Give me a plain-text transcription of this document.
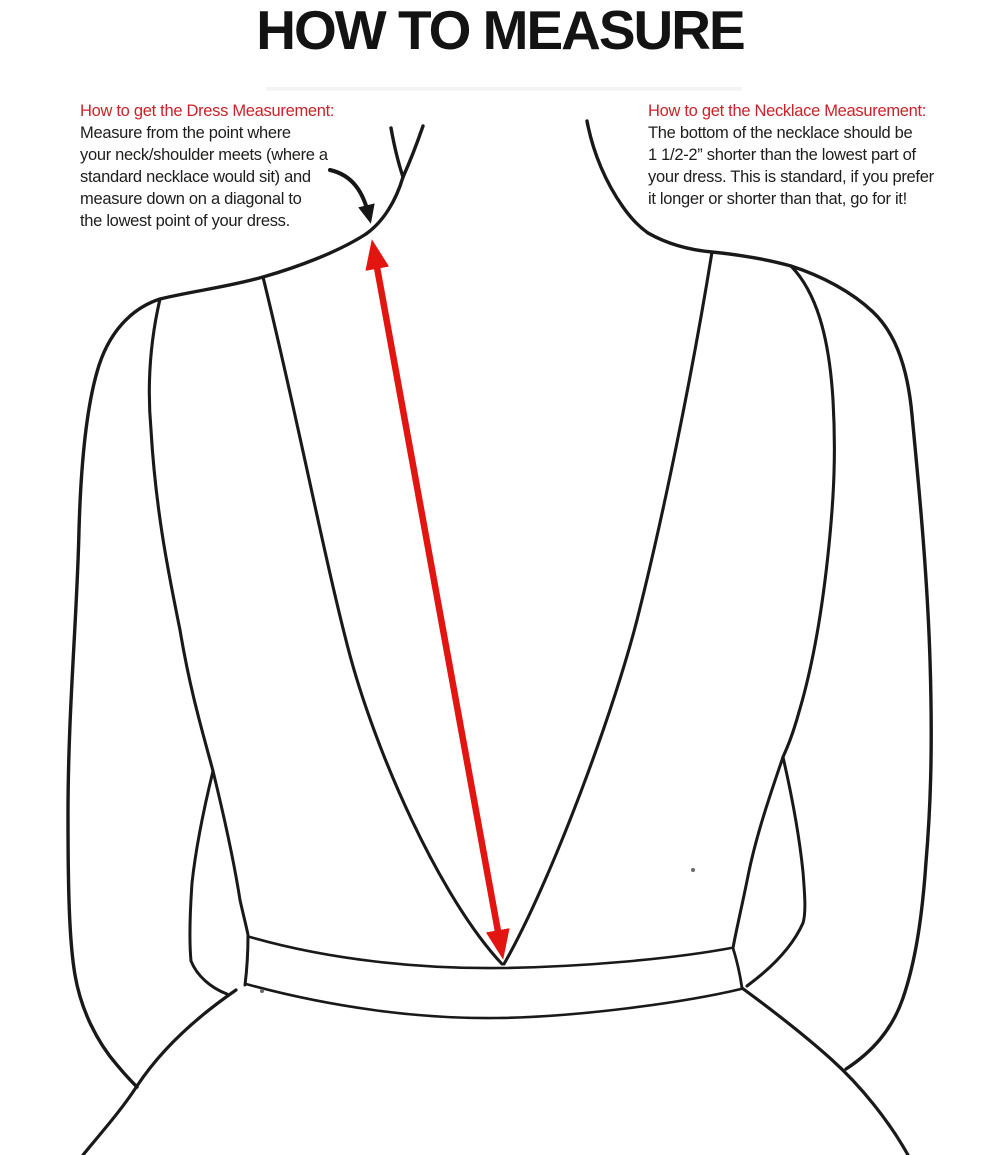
HOW TO MEASURE
How to get the Dress Measurement:
Measure from the point where
your neck/shoulder meets (where a
standard necklace would sit) and
measure down on a diagonal to
the lowest point of your dress.
How to get the Necklace Measurement:
The bottom of the necklace should be
1 1/2-2” shorter than the lowest part of
your dress. This is standard, if you prefer
it longer or shorter than that, go for it!
